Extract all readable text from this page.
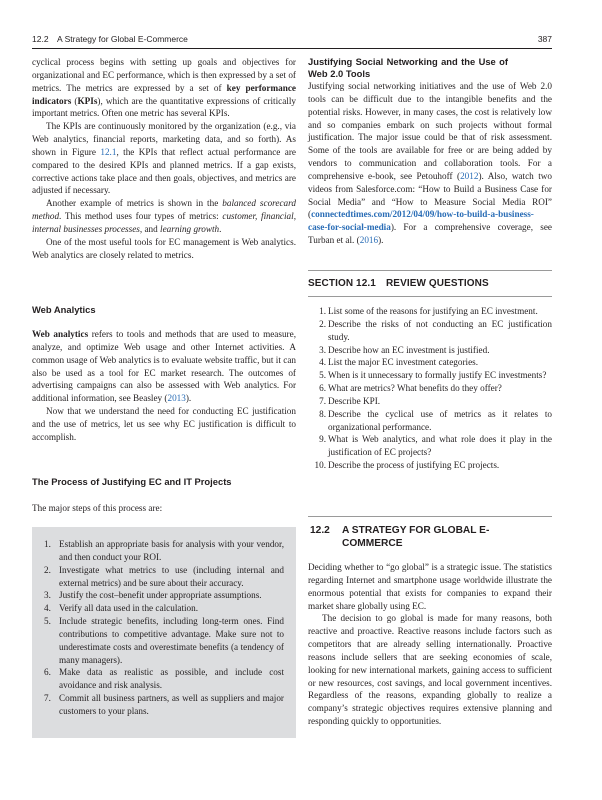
12.2 A Strategy for Global E-Commerce	387

cyclical process begins with setting up goals and objectives for organizational and EC performance, which is then expressed by a set of metrics. The metrics are expressed by a set of key performance indicators (KPIs), which are the quantitative expressions of critically important metrics. Often one metric has several KPIs.

The KPIs are continuously monitored by the organization (e.g., via Web analytics, financial reports, marketing data, and so forth). As shown in Figure 12.1, the KPIs that reflect actual performance are compared to the desired KPIs and planned metrics. If a gap exists, corrective actions take place and then goals, objectives, and metrics are adjusted if necessary.

Another example of metrics is shown in the balanced scorecard method. This method uses four types of metrics: customer, financial, internal businesses processes, and learning growth.

One of the most useful tools for EC management is Web analytics. Web analytics are closely related to metrics.

Web Analytics

Web analytics refers to tools and methods that are used to measure, analyze, and optimize Web usage and other Internet activities. A common usage of Web analytics is to evaluate website traffic, but it can also be used as a tool for EC market research. The outcomes of advertising campaigns can also be assessed with Web analytics. For additional information, see Beasley (2013).

Now that we understand the need for conducting EC justification and the use of metrics, let us see why EC justification is difficult to accomplish.

The Process of Justifying EC and IT Projects
The major steps of this process are:
1. Establish an appropriate basis for analysis with your vendor, and then conduct your ROI.
2. Investigate what metrics to use (including internal and external metrics) and be sure about their accuracy.
3. Justify the cost–benefit under appropriate assumptions.
4. Verify all data used in the calculation.
5. Include strategic benefits, including long-term ones. Find contributions to competitive advantage. Make sure not to underestimate costs and overestimate benefits (a tendency of many managers).
6. Make data as realistic as possible, and include cost avoidance and risk analysis.
7. Commit all business partners, as well as suppliers and major customers to your plans.
Justifying Social Networking and the Use of Web 2.0 Tools

Justifying social networking initiatives and the use of Web 2.0 tools can be difficult due to the intangible benefits and the potential risks. However, in many cases, the cost is relatively low and so companies embark on such projects without formal justification. The major issue could be that of risk assessment. Some of the tools are available for free or are being added by vendors to communication and collaboration tools. For a comprehensive e-book, see Petouhoff (2012). Also, watch two videos from Salesforce.com: “How to Build a Business Case for Social Media” and “How to Measure Social Media ROI” (connectedtimes.com/2012/04/09/how-to-build-a-business-case-for-social-media). For a comprehensive coverage, see Turban et al. (2016).

SECTION 12.1 REVIEW QUESTIONS
1. List some of the reasons for justifying an EC investment.
2. Describe the risks of not conducting an EC justification study.
3. Describe how an EC investment is justified.
4. List the major EC investment categories.
5. When is it unnecessary to formally justify EC investments?
6. What are metrics? What benefits do they offer?
7. Describe KPI.
8. Describe the cyclical use of metrics as it relates to organizational performance.
9. What is Web analytics, and what role does it play in the justification of EC projects?
10. Describe the process of justifying EC projects.
12.2 A STRATEGY FOR GLOBAL E-COMMERCE

Deciding whether to “go global” is a strategic issue. The statistics regarding Internet and smartphone usage worldwide illustrate the enormous potential that exists for companies to expand their market share globally using EC.

The decision to go global is made for many reasons, both reactive and proactive. Reactive reasons include factors such as competitors that are already selling internationally. Proactive reasons include sellers that are seeking economies of scale, looking for new international markets, gaining access to sufficient or new resources, cost savings, and local government incentives. Regardless of the reasons, expanding globally to realize a company’s strategic objectives requires extensive planning and responding quickly to opportunities.
